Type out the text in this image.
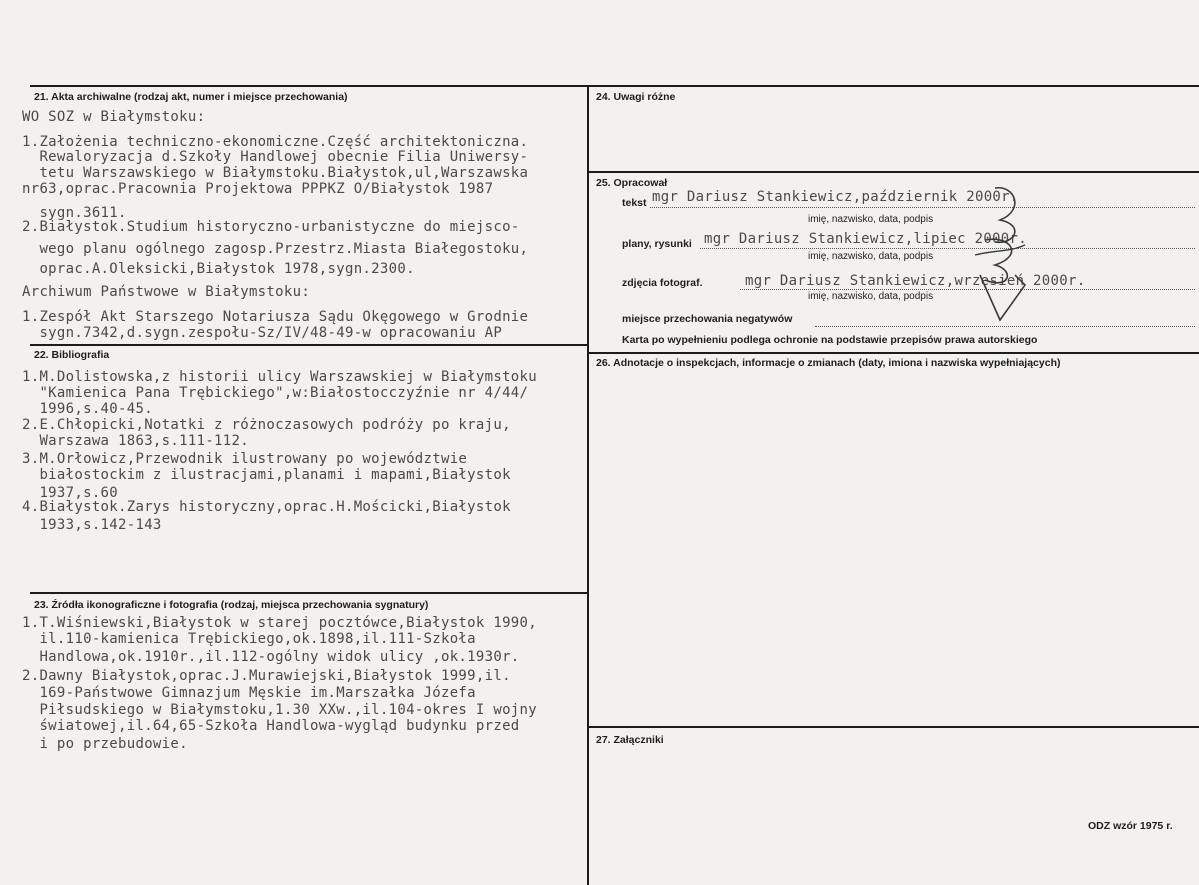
21. Akta archiwalne (rodzaj akt, numer i miejsce przechowania)
WO SOZ w Białymstoku:
1.Założenia techniczno-ekonomiczne.Część architektoniczna.
Rewaloryzacja d.Szkoły Handlowej obecnie Filia Uniwersy-
tetu Warszawskiego w Białymstoku.Białystok,ul,Warszawska
nr63,oprac.Pracownia Projektowa PPPKZ O/Białystok 1987
sygn.3611.
2.Białystok.Studium historyczno-urbanistyczne do miejsco-
wego planu ogólnego zagosp.Przestrz.Miasta Białegostoku,
oprac.A.Oleksicki,Białystok 1978,sygn.2300.
Archiwum Państwowe w Białymstoku:
1.Zespół Akt Starszego Notariusza Sądu Okęgowego w Grodnie
sygn.7342,d.sygn.zespołu-Sz/IV/48-49-w opracowaniu AP
22. Bibliografia
1.M.Dolistowska,z historii ulicy Warszawskiej w Białymstoku
"Kamienica Pana Trębickiego",w:Białostocczyźnie nr 4/44/
1996,s.40-45.
2.E.Chłopicki,Notatki z różnoczasowych podróży po kraju,
Warszawa 1863,s.111-112.
3.M.Orłowicz,Przewodnik ilustrowany po województwie
białostockim z ilustracjami,planami i mapami,Białystok
1937,s.60
4.Białystok.Zarys historyczny,oprac.H.Mościcki,Białystok
1933,s.142-143
23. Źródła ikonograficzne i fotografia (rodzaj, miejsca przechowania sygnatury)
1.T.Wiśniewski,Białystok w starej pocztówce,Białystok 1990,
il.110-kamienica Trębickiego,ok.1898,il.111-Szkoła
Handlowa,ok.1910r.,il.112-ogólny widok ulicy ,ok.1930r.
2.Dawny Białystok,oprac.J.Murawiejski,Białystok 1999,il.
169-Państwowe Gimnazjum Męskie im.Marszałka Józefa
Piłsudskiego w Białymstoku,1.30 XXw.,il.104-okres I wojny
światowej,il.64,65-Szkoła Handlowa-wygląd budynku przed
i po przebudowie.
24. Uwagi różne
25. Opracował
tekst mgr Dariusz Stankiewicz,październik 2000r.
imię, nazwisko, data, podpis
plany, rysunki mgr Dariusz Stankiewicz,lipiec 2000r.
imię, nazwisko, data, podpis
zdjęcia fotograf.	mgr Dariusz Stankiewicz,wrzesień 2000r.
imię, nazwisko, data, podpis
miejsce przechowania negatywów
Karta po wypełnieniu podlega ochronie na podstawie przepisów prawa autorskiego
26. Adnotacje o inspekcjach, informacje o zmianach (daty, imiona i nazwiska wypełniających)
27. Załączniki
ODZ wzór 1975 r.
